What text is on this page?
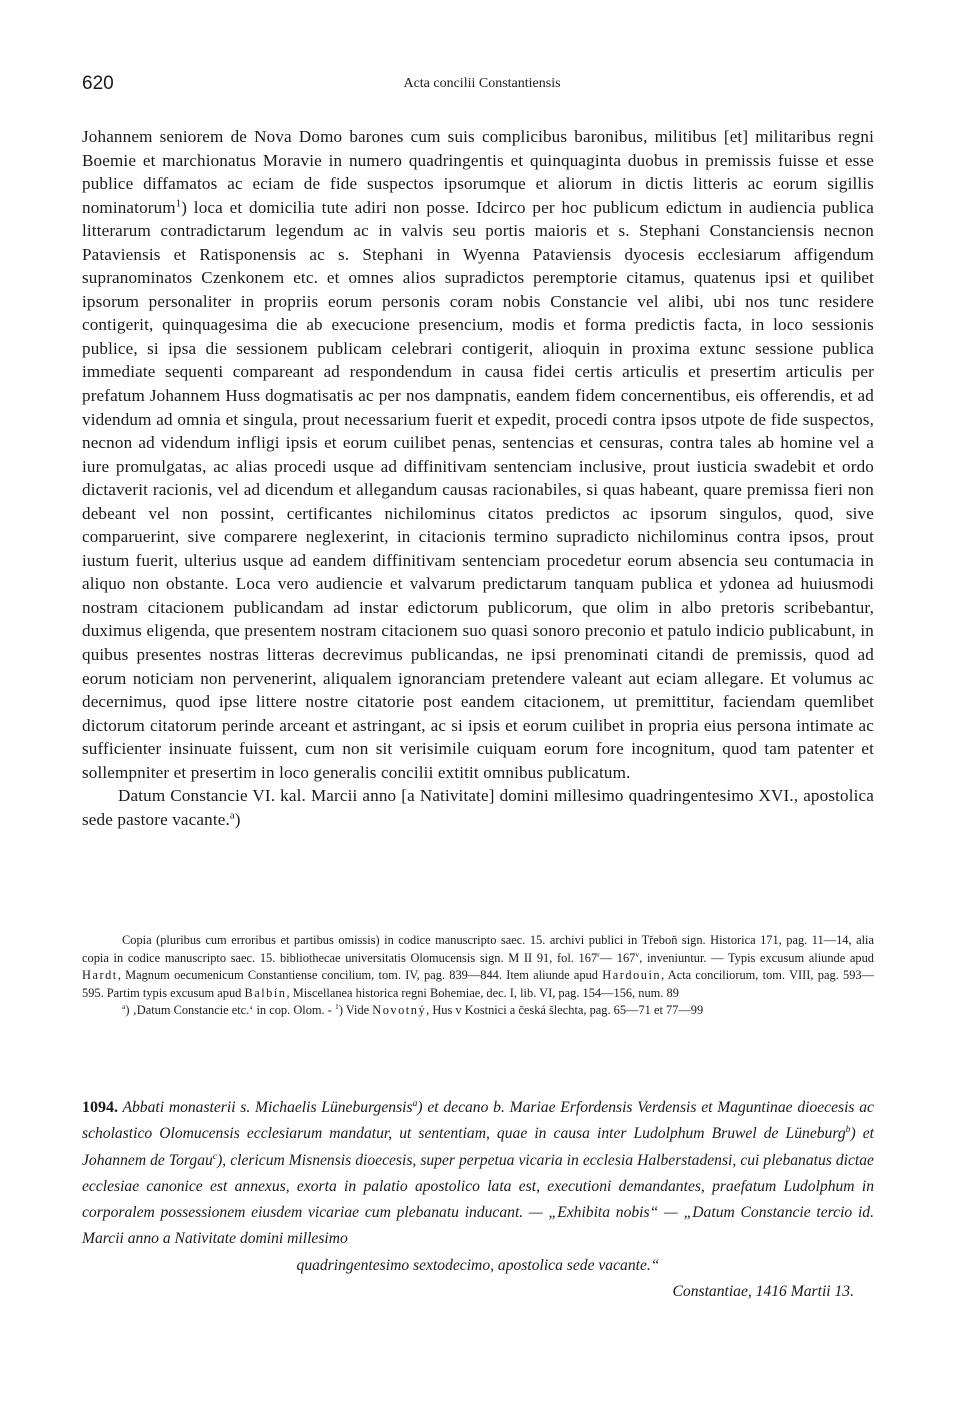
620	Acta concilii Constantiensis

Johannem seniorem de Nova Domo barones cum suis complicibus baronibus, militibus [et] militaribus regni Boemie et marchionatus Moravie in numero quadringentis et quinquaginta duobus in premissis fuisse et esse publice diffamatos ac eciam de fide suspectos ipsorumque et aliorum in dictis litteris ac eorum sigillis nominatorum$^1$) loca et domicilia tute adiri non posse. Idcirco per hoc publicum edictum in audiencia publica litterarum contradictarum legendum ac in valvis seu portis maioris et s. Stephani Constanciensis necnon Pataviensis et Ratisponensis ac s. Stephani in Wyenna Pataviensis dyocesis ecclesiarum affigendum supranominatos Czenkonem etc. et omnes alios supradictos peremptorie citamus, quatenus ipsi et quilibet ipsorum personaliter in propriis eorum personis coram nobis Constancie vel alibi, ubi nos tunc residere contigerit, quinquagesima die ab execucione presencium, modis et forma predictis facta, in loco sessionis publice, si ipsa die sessionem publicam celebrari contigerit, alioquin in proxima extunc sessione publica immediate sequenti compareant ad respondendum in causa fidei certis articulis et presertim articulis per prefatum Johannem Huss dogmatisatis ac per nos dampnatis, eandem fidem concernentibus, eis offerendis, et ad videndum ad omnia et singula, prout necessarium fuerit et expedit, procedi contra ipsos utpote de fide suspectos, necnon ad videndum infligi ipsis et eorum cuilibet penas, sentencias et censuras, contra tales ab homine vel a iure promulgatas, ac alias procedi usque ad diffinitivam sentenciam inclusive, prout iusticia swadebit et ordo dictaverit racionis, vel ad dicendum et allegandum causas racionabiles, si quas habeant, quare premissa fieri non debeant vel non possint, certificantes nichilominus citatos predictos ac ipsorum singulos, quod, sive comparuerint, sive comparere neglexerint, in citacionis termino supradicto nichilominus contra ipsos, prout iustum fuerit, ulterius usque ad eandem diffinitivam sentenciam procedetur eorum absencia seu contumacia in aliquo non obstante. Loca vero audiencie et valvarum predictarum tanquam publica et ydonea ad huiusmodi nostram citacionem publicandam ad instar edictorum publicorum, que olim in albo pretoris scribebantur, duximus eligenda, que presentem nostram citacionem suo quasi sonoro preconio et patulo indicio publicabunt, in quibus presentes nostras litteras decrevimus publicandas, ne ipsi prenominati citandi de premissis, quod ad eorum noticiam non pervenerint, aliqualem ignoranciam pretendere valeant aut eciam allegare. Et volumus ac decernimus, quod ipse littere nostre citatorie post eandem citacionem, ut premittitur, faciendam quemlibet dictorum citatorum perinde arceant et astringant, ac si ipsis et eorum cuilibet in propria eius persona intimate ac sufficienter insinuate fuissent, cum non sit verisimile cuiquam eorum fore incognitum, quod tam patenter et sollempniter et presertim in loco generalis concilii extitit omnibus publicatum.

Datum Constancie VI. kal. Marcii anno [a Nativitate] domini millesimo quadringentesimo XVI., apostolica sede pastore vacante.$^a$)

Copia (pluribus cum erroribus et partibus omissis) in codice manuscripto saec. 15. archivi publici in Třeboň sign. Historica 171, pag. 11—14, alia copia in codice manuscripto saec. 15. bibliothecae universitatis Olomucensis sign. M II 91, fol. 167$^r$— 167$^v$, inveniuntur. — Typis excusum aliunde apud Hardt, Magnum oecumenicum Constantiense concilium, tom. IV, pag. 839—844. Item aliunde apud Hardouin, Acta conciliorum, tom. VIII, pag. 593—595. Partim typis excusum apud Balbín, Miscellanea historica regni Bohemiae, dec. I, lib. VI, pag. 154—156, num. 89

$^a$) ‚Datum Constancie etc.‘ in cop. Olom. - $^1$) Vide Novotný, Hus v Kostnici a česká šlechta, pag. 65—71 et 77—99

1094. Abbati monasterii s. Michaelis Lüneburgensis$^a$) et decano b. Mariae Erfordensis Verdensis et Maguntinae dioecesis ac scholastico Olomucensis ecclesiarum mandatur, ut sententiam, quae in causa inter Ludolphum Bruwel de Lüneburg$^b$) et Johannem de Torgau$^c$), clericum Misnensis dioecesis, super perpetua vicaria in ecclesia Halberstadensi, cui plebanatus dictae ecclesiae canonice est annexus, exorta in palatio apostolico lata est, executioni demandantes, praefatum Ludolphum in corporalem possessionem eiusdem vicariae cum plebanatu inducant. — „Exhibita nobis“ — „Datum Constancie tercio id. Marcii anno a Nativitate domini millesimo

quadringentesimo sextodecimo, apostolica sede vacante.“

Constantiae, 1416 Martii 13.
